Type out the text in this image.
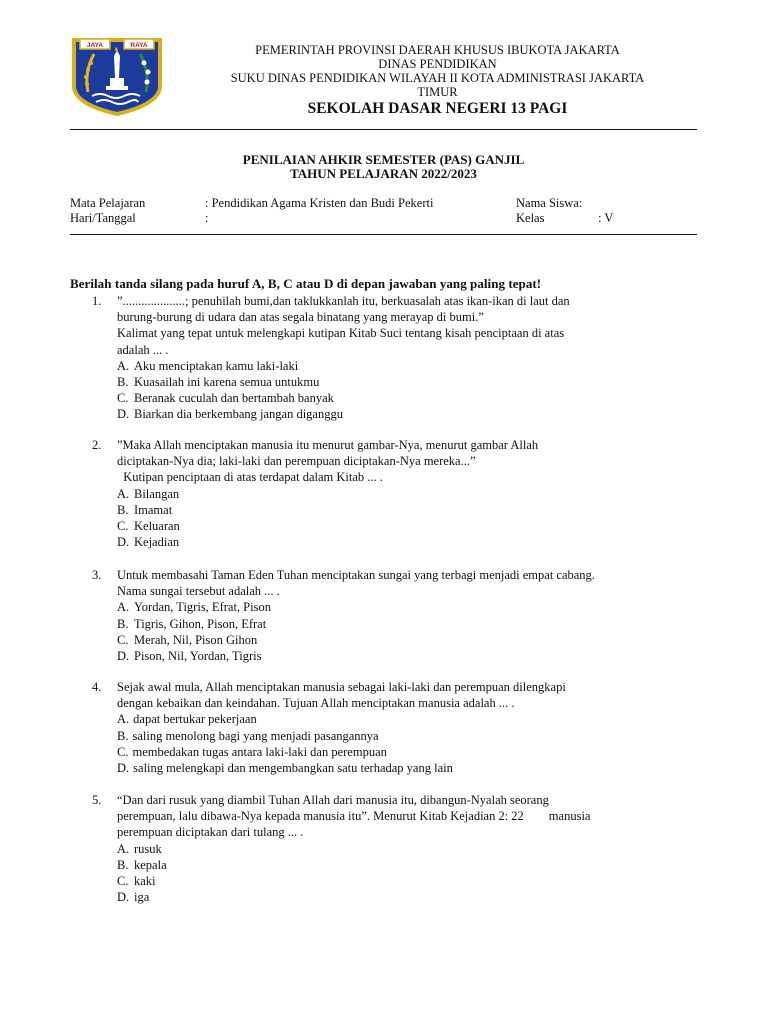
JAYA	RAYA	PEMERINTAH PROVINSI DAERAH KHUSUS IBUKOTA JAKARTA
DINAS PENDIDIKAN
SUKU DINAS PENDIDIKAN WILAYAH II KOTA ADMINISTRASI JAKARTA
TIMUR
SEKOLAH DASAR NEGERI 13 PAGI
PENILAIAN AHKIR SEMESTER (PAS) GANJIL
TAHUN PELAJARAN 2022/2023
Mata Pelajaran	: Pendidikan Agama Kristen dan Budi Pekerti	Nama Siswa:
Hari/Tanggal	:	Kelas	: V
Berilah tanda silang pada huruf A, B, C atau D di depan jawaban yang paling tepat!
1.	”....................; penuhilah bumi,dan taklukkanlah itu, berkuasalah atas ikan-ikan di laut dan
burung-burung di udara dan atas segala binatang yang merayap di bumi.”
Kalimat yang tepat untuk melengkapi kutipan Kitab Suci tentang kisah penciptaan di atas
adalah ... .
A. Aku menciptakan kamu laki-laki
B. Kuasailah ini karena semua untukmu
C. Beranak cuculah dan bertambah banyak
D. Biarkan dia berkembang jangan diganggu
2.	”Maka Allah menciptakan manusia itu menurut gambar-Nya, menurut gambar Allah
diciptakan-Nya dia; laki-laki dan perempuan diciptakan-Nya mereka...”
Kutipan penciptaan di atas terdapat dalam Kitab ... .
A. Bilangan
B. Imamat
C. Keluaran
D. Kejadian
3.	Untuk membasahi Taman Eden Tuhan menciptakan sungai yang terbagi menjadi empat cabang.
Nama sungai tersebut adalah ... .
A. Yordan, Tigris, Efrat, Pison
B. Tigris, Gihon, Pison, Efrat
C. Merah, Nil, Pison Gihon
D. Pison, Nil, Yordan, Tigris
4.	Sejak awal mula, Allah menciptakan manusia sebagai laki-laki dan perempuan dilengkapi
dengan kebaikan dan keindahan. Tujuan Allah menciptakan manusia adalah ... .
A. dapat bertukar pekerjaan
B. saling menolong bagi yang menjadi pasangannya
C. membedakan tugas antara laki-laki dan perempuan
D. saling melengkapi dan mengembangkan satu terhadap yang lain
5.	“Dan dari rusuk yang diambil Tuhan Allah dari manusia itu, dibangun-Nyalah seorang
perempuan, lalu dibawa-Nya kepada manusia itu”. Menurut Kitab Kejadian 2: 22        manusia
perempuan diciptakan dari tulang ... .
A. rusuk
B. kepala
C. kaki
D. iga
